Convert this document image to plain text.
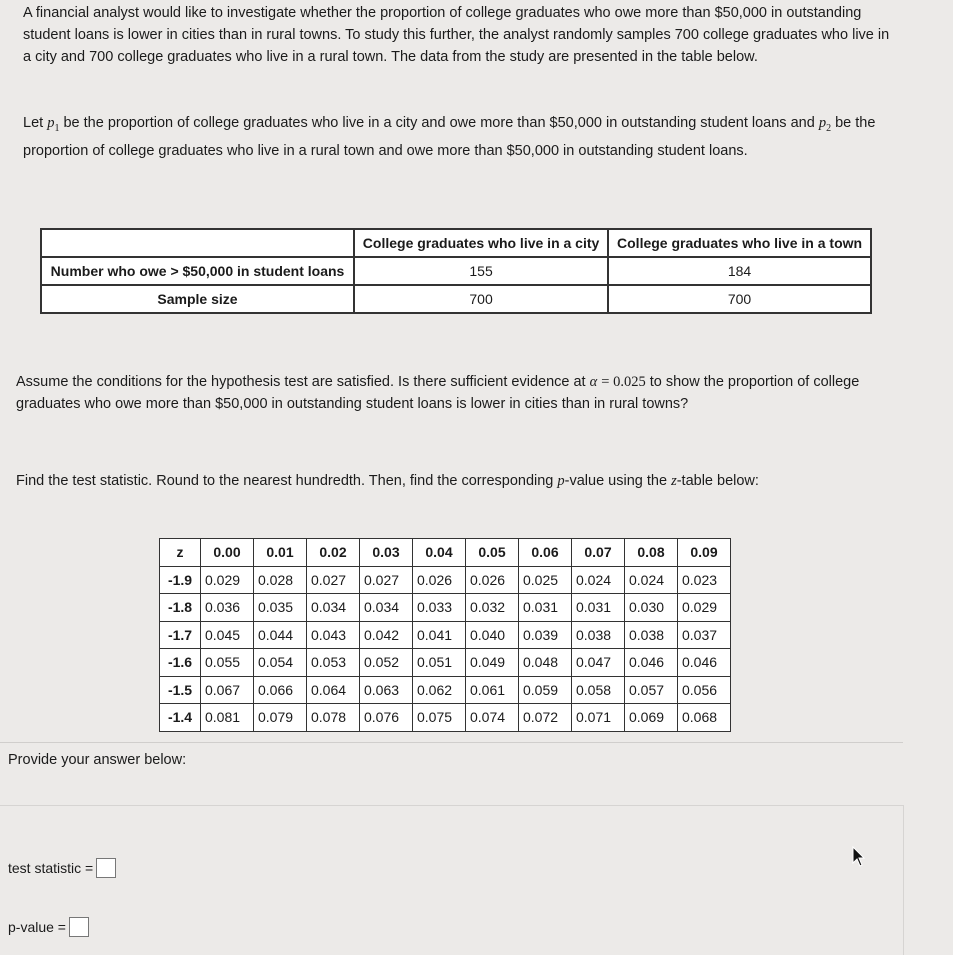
A financial analyst would like to investigate whether the proportion of college graduates who owe more than $50,000 in outstanding student loans is lower in cities than in rural towns. To study this further, the analyst randomly samples 700 college graduates who live in a city and 700 college graduates who live in a rural town. The data from the study are presented in the table below.
Let $p_1$ be the proportion of college graduates who live in a city and owe more than $50,000 in outstanding student loans and $p_2$ be the proportion of college graduates who live in a rural town and owe more than $50,000 in outstanding student loans.
	College graduates who live in a city	College graduates who live in a town
Number who owe > $50,000 in student loans	155	184
Sample size	700	700
Assume the conditions for the hypothesis test are satisfied. Is there sufficient evidence at α = 0.025 to show the proportion of college graduates who owe more than $50,000 in outstanding student loans is lower in cities than in rural towns?
Find the test statistic. Round to the nearest hundredth. Then, find the corresponding p-value using the z-table below:
z	0.00	0.01	0.02	0.03	0.04	0.05	0.06	0.07	0.08	0.09
-1.9	0.029	0.028	0.027	0.027	0.026	0.026	0.025	0.024	0.024	0.023
-1.8	0.036	0.035	0.034	0.034	0.033	0.032	0.031	0.031	0.030	0.029
-1.7	0.045	0.044	0.043	0.042	0.041	0.040	0.039	0.038	0.038	0.037
-1.6	0.055	0.054	0.053	0.052	0.051	0.049	0.048	0.047	0.046	0.046
-1.5	0.067	0.066	0.064	0.063	0.062	0.061	0.059	0.058	0.057	0.056
-1.4	0.081	0.079	0.078	0.076	0.075	0.074	0.072	0.071	0.069	0.068
Provide your answer below:
test statistic =
p-value =
